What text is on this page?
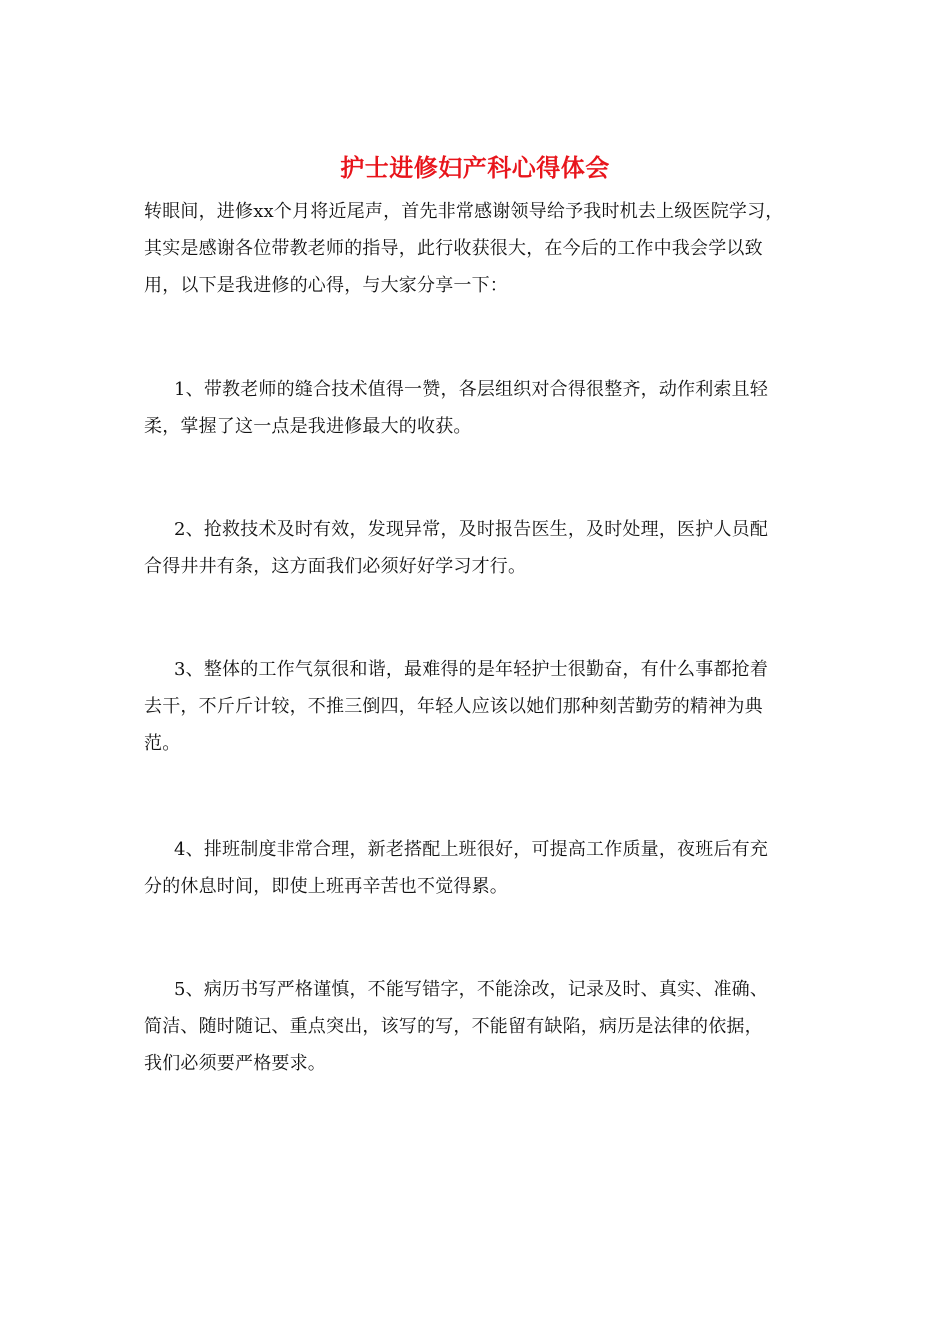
护士进修妇产科心得体会
转眼间，进修xx个月将近尾声，首先非常感谢领导给予我时机去上级医院学习，
其实是感谢各位带教老师的指导，此行收获很大，在今后的工作中我会学以致
用，以下是我进修的心得，与大家分享一下：
1、带教老师的缝合技术值得一赞，各层组织对合得很整齐，动作利索且轻
柔，掌握了这一点是我进修最大的收获。
2、抢救技术及时有效，发现异常，及时报告医生，及时处理，医护人员配
合得井井有条，这方面我们必须好好学习才行。
3、整体的工作气氛很和谐，最难得的是年轻护士很勤奋，有什么事都抢着
去干，不斤斤计较，不推三倒四，年轻人应该以她们那种刻苦勤劳的精神为典
范。
4、排班制度非常合理，新老搭配上班很好，可提高工作质量，夜班后有充
分的休息时间，即使上班再辛苦也不觉得累。
5、病历书写严格谨慎，不能写错字，不能涂改，记录及时、真实、准确、
简洁、随时随记、重点突出，该写的写，不能留有缺陷，病历是法律的依据，
我们必须要严格要求。
